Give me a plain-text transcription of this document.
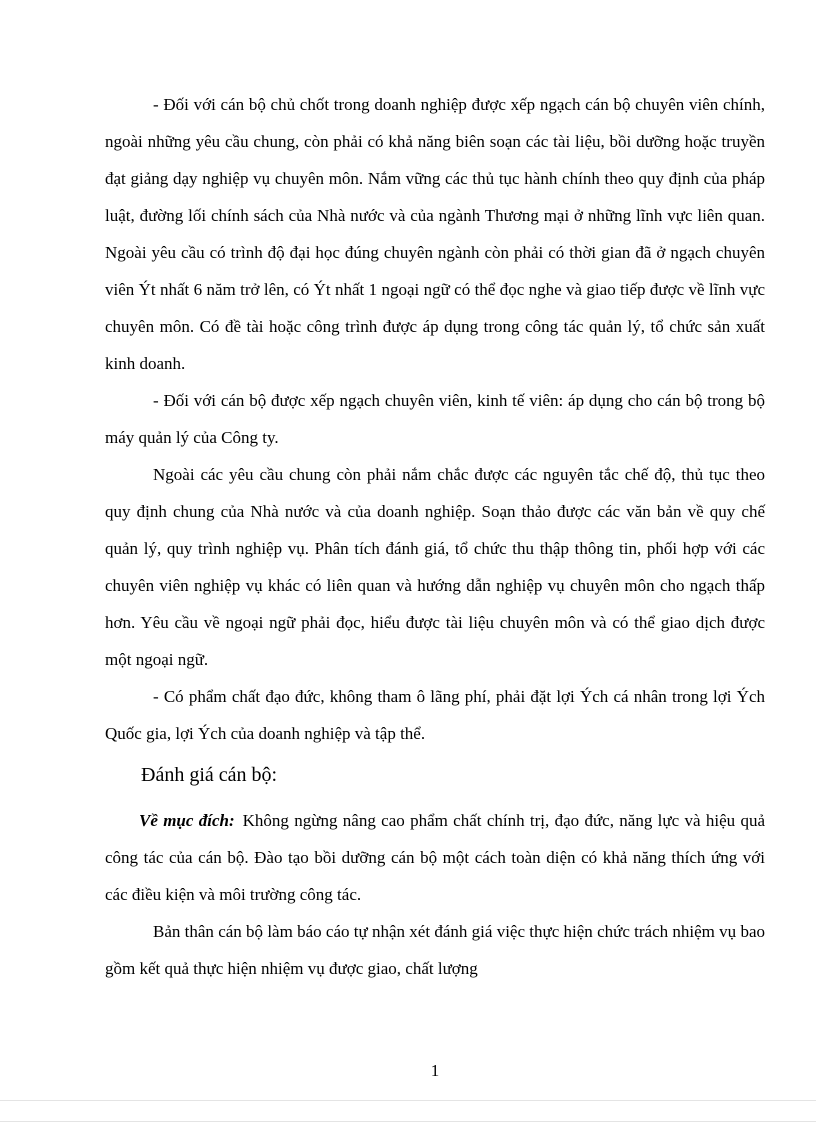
- Đối với cán bộ chủ chốt trong doanh nghiệp được xếp ngạch cán bộ chuyên viên chính, ngoài những yêu cầu chung, còn phải có khả năng biên soạn các tài liệu, bồi dưỡng hoặc truyền đạt giảng dạy nghiệp vụ chuyên môn. Nắm vững các thủ tục hành chính theo quy định của pháp luật, đường lối chính sách của Nhà nước và của ngành Thương mại ở những lĩnh vực liên quan. Ngoài yêu cầu có trình độ đại học đúng chuyên ngành còn phải có thời gian đã ở ngạch chuyên viên Ýt nhất 6 năm trở lên, có Ýt nhất 1 ngoại ngữ có thể đọc nghe và giao tiếp được về lĩnh vực chuyên môn. Có đề tài hoặc công trình được áp dụng trong công tác quản lý, tổ chức sản xuất kinh doanh.

- Đối với cán bộ được xếp ngạch chuyên viên, kinh tế viên: áp dụng cho cán bộ trong bộ máy quản lý của Công ty.

Ngoài các yêu cầu chung còn phải nắm chắc được các nguyên tắc chế độ, thủ tục theo quy định chung của Nhà nước và của doanh nghiệp. Soạn thảo được các văn bản về quy chế quản lý, quy trình nghiệp vụ. Phân tích đánh giá, tổ chức thu thập thông tin, phối hợp với các chuyên viên nghiệp vụ khác có liên quan và hướng dẫn nghiệp vụ chuyên môn cho ngạch thấp hơn. Yêu cầu về ngoại ngữ phải đọc, hiểu được tài liệu chuyên môn và có thể giao dịch được một ngoại ngữ.

- Có phẩm chất đạo đức, không tham ô lãng phí, phải đặt lợi Ých cá nhân trong lợi Ých Quốc gia, lợi Ých của doanh nghiệp và tập thể.

Đánh giá cán bộ:

Về mục đích: Không ngừng nâng cao phẩm chất chính trị, đạo đức, năng lực và hiệu quả công tác của cán bộ. Đào tạo bồi dưỡng cán bộ một cách toàn diện có khả năng thích ứng với các điều kiện và môi trường công tác.

Bản thân cán bộ làm báo cáo tự nhận xét đánh giá việc thực hiện chức trách nhiệm vụ bao gồm kết quả thực hiện nhiệm vụ được giao, chất lượng

1
